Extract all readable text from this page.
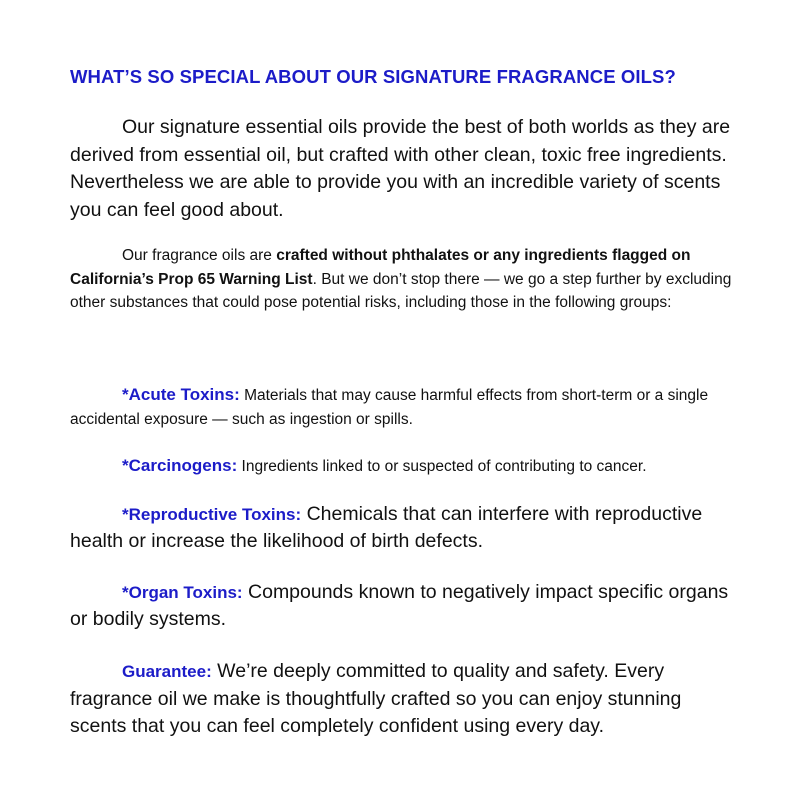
WHAT’S SO SPECIAL ABOUT OUR SIGNATURE FRAGRANCE OILS?

Our signature essential oils provide the best of both worlds as they are derived from essential oil, but crafted with other clean, toxic free ingredients. Nevertheless we are able to provide you with an incredible variety of scents you can feel good about.

Our fragrance oils are crafted without phthalates or any ingredients flagged on California’s Prop 65 Warning List. But we don’t stop there — we go a step further by excluding other substances that could pose potential risks, including those in the following groups:

*Acute Toxins: Materials that may cause harmful effects from short-term or a single accidental exposure — such as ingestion or spills.

*Carcinogens: Ingredients linked to or suspected of contributing to cancer.

*Reproductive Toxins: Chemicals that can interfere with reproductive health or increase the likelihood of birth defects.

*Organ Toxins: Compounds known to negatively impact specific organs or bodily systems.

Guarantee: We’re deeply committed to quality and safety. Every fragrance oil we make is thoughtfully crafted so you can enjoy stunning scents that you can feel completely confident using every day.
